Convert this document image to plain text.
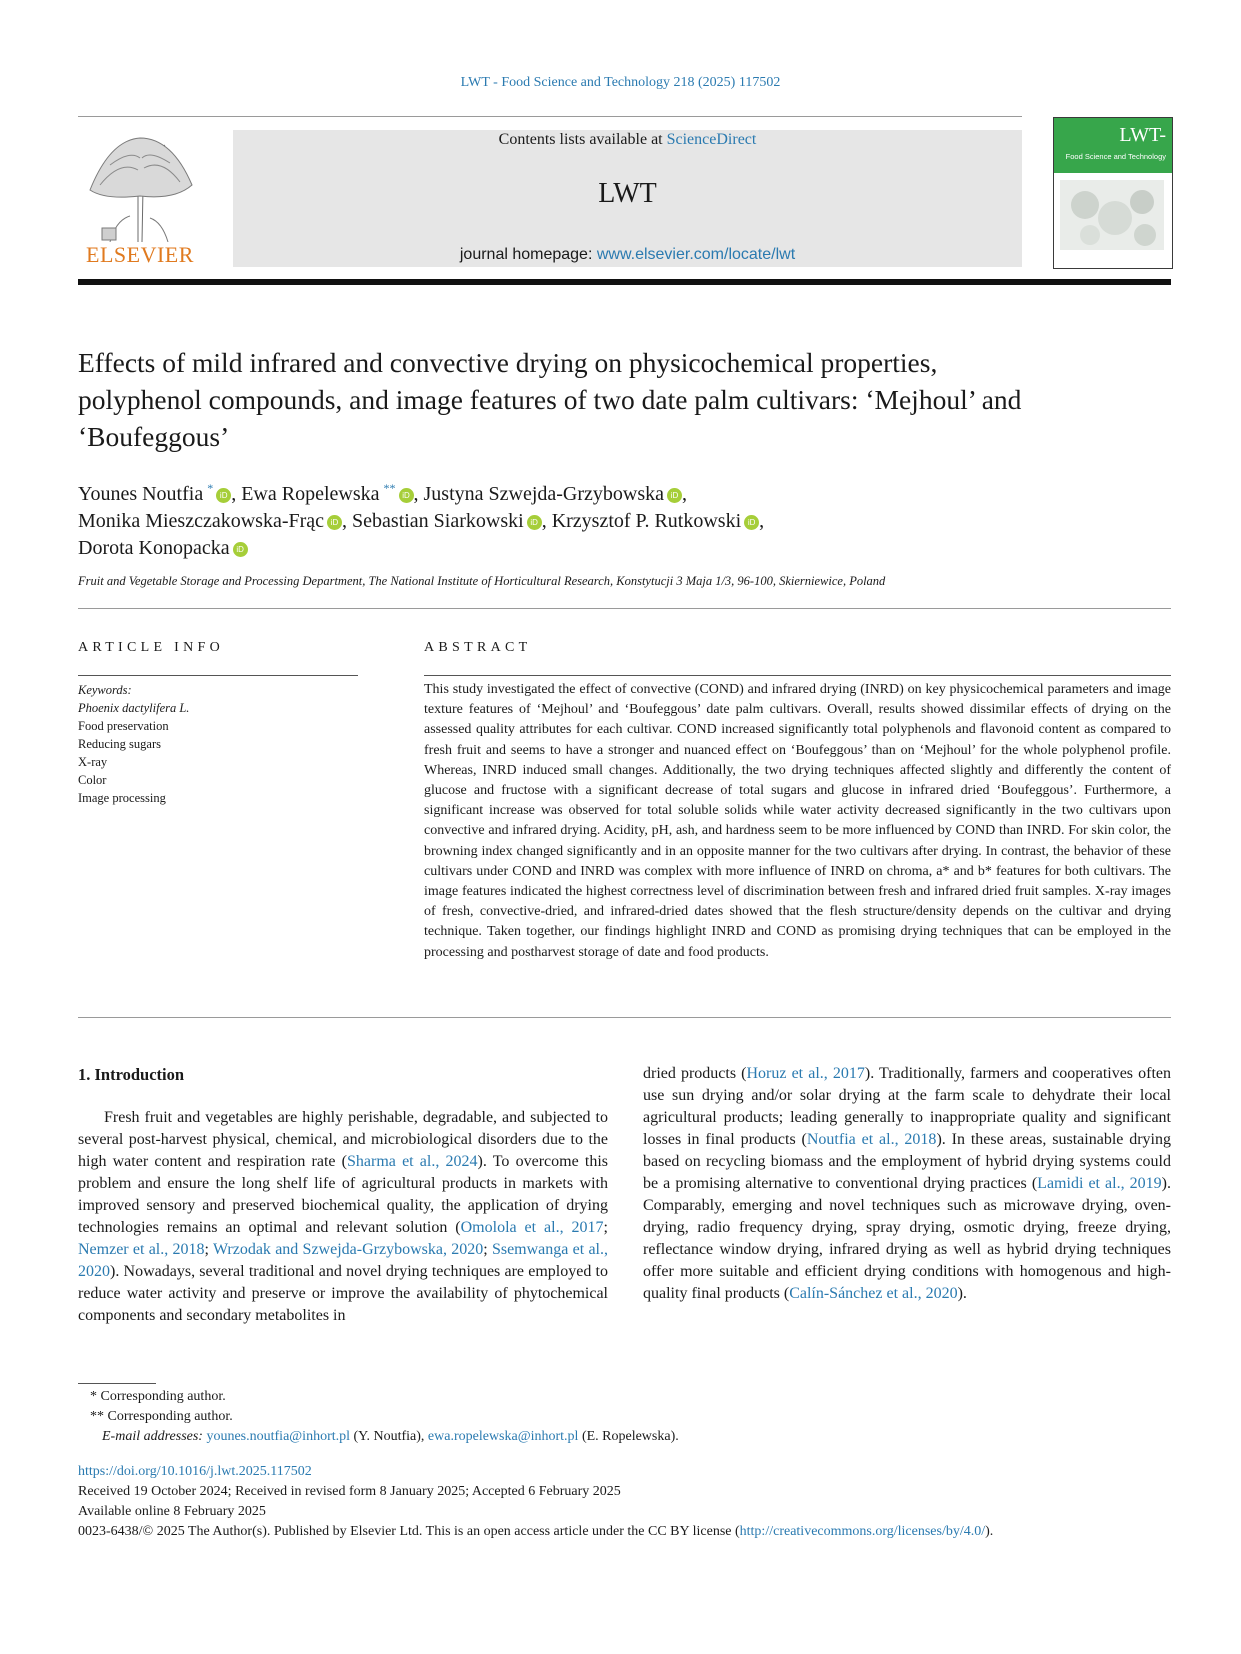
LWT - Food Science and Technology 218 (2025) 117502
ELSEVIER
Contents lists available at ScienceDirect
LWT
journal homepage: www.elsevier.com/locate/lwt
LWT-
Food Science and Technology
Effects of mild infrared and convective drying on physicochemical properties, polyphenol compounds, and image features of two date palm cultivars: ‘Mejhoul’ and ‘Boufeggous’
Younes Noutfia *iD , Ewa Ropelewska **iD , Justyna Szwejda-Grzybowska iD ,
Monika Mieszczakowska-Frąc iD , Sebastian Siarkowski iD , Krzysztof P. Rutkowski iD ,
Dorota Konopacka iD
Fruit and Vegetable Storage and Processing Department, The National Institute of Horticultural Research, Konstytucji 3 Maja 1/3, 96-100, Skierniewice, Poland
ARTICLE INFO
Keywords:
Phoenix dactylifera L.
Food preservation
Reducing sugars
X-ray
Color
Image processing
ABSTRACT
This study investigated the effect of convective (COND) and infrared drying (INRD) on key physicochemical parameters and image texture features of ‘Mejhoul’ and ‘Boufeggous’ date palm cultivars. Overall, results showed dissimilar effects of drying on the assessed quality attributes for each cultivar. COND increased significantly total polyphenols and flavonoid content as compared to fresh fruit and seems to have a stronger and nuanced effect on ‘Boufeggous’ than on ‘Mejhoul’ for the whole polyphenol profile. Whereas, INRD induced small changes. Additionally, the two drying techniques affected slightly and differently the content of glucose and fructose with a significant decrease of total sugars and glucose in infrared dried ‘Boufeggous’. Furthermore, a significant increase was observed for total soluble solids while water activity decreased significantly in the two cultivars upon convective and infrared drying. Acidity, pH, ash, and hardness seem to be more influenced by COND than INRD. For skin color, the browning index changed significantly and in an opposite manner for the two cultivars after drying. In contrast, the behavior of these cultivars under COND and INRD was complex with more influence of INRD on chroma, a* and b* features for both cultivars. The image features indicated the highest correctness level of discrimination between fresh and infrared dried fruit samples. X-ray images of fresh, convective-dried, and infrared-dried dates showed that the flesh structure/density depends on the cultivar and drying technique. Taken together, our findings highlight INRD and COND as promising drying techniques that can be employed in the processing and postharvest storage of date and food products.
1. Introduction
Fresh fruit and vegetables are highly perishable, degradable, and subjected to several post-harvest physical, chemical, and microbiological disorders due to the high water content and respiration rate (Sharma et al., 2024). To overcome this problem and ensure the long shelf life of agricultural products in markets with improved sensory and preserved biochemical quality, the application of drying technologies remains an optimal and relevant solution (Omolola et al., 2017; Nemzer et al., 2018; Wrzodak and Szwejda-Grzybowska, 2020; Ssemwanga et al., 2020). Nowadays, several traditional and novel drying techniques are employed to reduce water activity and preserve or improve the availability of phytochemical components and secondary metabolites in
dried products (Horuz et al., 2017). Traditionally, farmers and cooperatives often use sun drying and/or solar drying at the farm scale to dehydrate their local agricultural products; leading generally to inappropriate quality and significant losses in final products (Noutfia et al., 2018). In these areas, sustainable drying based on recycling biomass and the employment of hybrid drying systems could be a promising alternative to conventional drying practices (Lamidi et al., 2019). Comparably, emerging and novel techniques such as microwave drying, oven-drying, radio frequency drying, spray drying, osmotic drying, freeze drying, reflectance window drying, infrared drying as well as hybrid drying techniques offer more suitable and efficient drying conditions with homogenous and high-quality final products (Calín-Sánchez et al., 2020).
* Corresponding author.
** Corresponding author.
E-mail addresses: younes.noutfia@inhort.pl (Y. Noutfia), ewa.ropelewska@inhort.pl (E. Ropelewska).
https://doi.org/10.1016/j.lwt.2025.117502
Received 19 October 2024; Received in revised form 8 January 2025; Accepted 6 February 2025
Available online 8 February 2025
0023-6438/© 2025 The Author(s). Published by Elsevier Ltd. This is an open access article under the CC BY license (http://creativecommons.org/licenses/by/4.0/).
